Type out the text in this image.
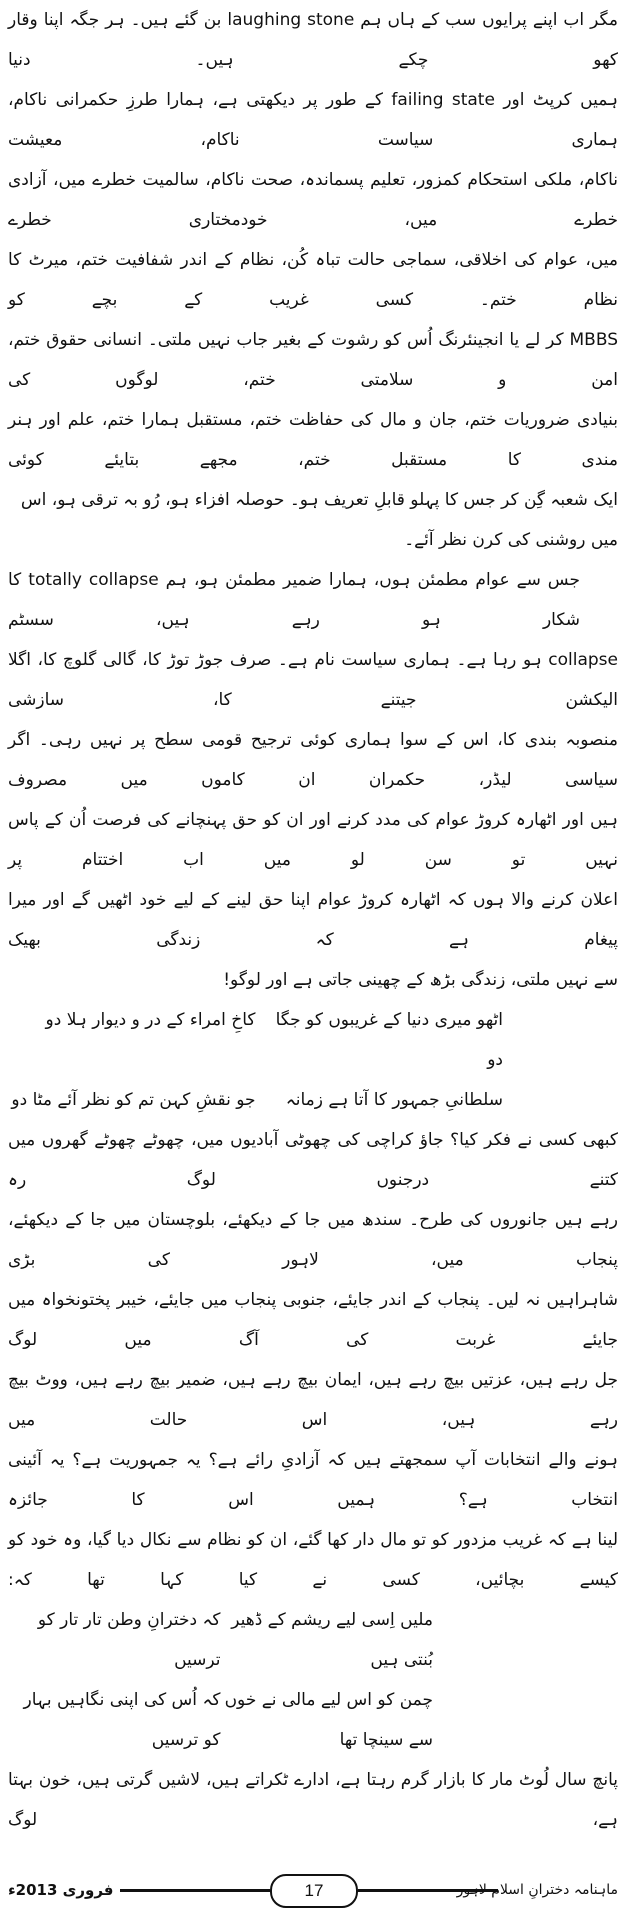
مگر اب اپنے پرایوں سب کے ہاں ہم laughing stone بن گئے ہیں۔ ہر جگہ اپنا وقار کھو چکے ہیں۔ دنیا
ہمیں کرپٹ اور failing state کے طور پر دیکھتی ہے، ہمارا طرزِ حکمرانی ناکام، ہماری سیاست ناکام، معیشت
ناکام، ملکی استحکام کمزور، تعلیم پسماندہ، صحت ناکام، سالمیت خطرے میں، آزادی خطرے میں، خودمختاری خطرے
میں، عوام کی اخلاقی، سماجی حالت تباہ کُن، نظام کے اندر شفافیت ختم، میرٹ کا نظام ختم۔ کسی غریب کے بچے کو
MBBS کر لے یا انجینئرنگ اُس کو رشوت کے بغیر جاب نہیں ملتی۔ انسانی حقوق ختم، امن و سلامتی ختم، لوگوں کی
بنیادی ضروریات ختم، جان و مال کی حفاظت ختم، مستقبل ہمارا ختم، علم اور ہنر مندی کا مستقبل ختم، مجھے بتایئے کوئی
ایک شعبہ گِن کر جس کا پہلو قابلِ تعریف ہو۔ حوصلہ افزاء ہو، رُو بہ ترقی ہو، اس میں روشنی کی کرن نظر آئے۔
جس سے عوام مطمئن ہوں، ہمارا ضمیر مطمئن ہو، ہم totally collapse کا شکار ہو رہے ہیں، سسٹم
collapse ہو رہا ہے۔ ہماری سیاست نام ہے۔ صرف جوڑ توڑ کا، گالی گلوچ کا، اگلا الیکشن جیتنے کا، سازشی
منصوبہ بندی کا، اس کے سوا ہماری کوئی ترجیح قومی سطح پر نہیں رہی۔ اگر سیاسی لیڈر، حکمران ان کاموں میں مصروف
ہیں اور اٹھارہ کروڑ عوام کی مدد کرنے اور ان کو حق پہنچانے کی فرصت اُن کے پاس نہیں تو سن لو میں اب اختتام پر
اعلان کرنے والا ہوں کہ اٹھارہ کروڑ عوام اپنا حق لینے کے لیے خود اٹھیں گے اور میرا پیغام ہے کہ زندگی بھیک
سے نہیں ملتی، زندگی بڑھ کے چھینی جاتی ہے اور لوگو!
اٹھو میری دنیا کے غریبوں کو جگا دو
کاخِ امراء کے در و دیوار ہلا دو
سلطانیِ جمہور کا آتا ہے زمانہ
جو نقشِ کہن تم کو نظر آئے مٹا دو
کبھی کسی نے فکر کیا؟ جاؤ کراچی کی چھوٹی آبادیوں میں، چھوٹے چھوٹے گھروں میں کتنے درجنوں لوگ رہ
رہے ہیں جانوروں کی طرح۔ سندھ میں جا کے دیکھئے، بلوچستان میں جا کے دیکھئے، پنجاب میں، لاہور کی بڑی
شاہراہیں نہ لیں۔ پنجاب کے اندر جایئے، جنوبی پنجاب میں جایئے، خیبر پختونخواہ میں جایئے غربت کی آگ میں لوگ
جل رہے ہیں، عزتیں بیچ رہے ہیں، ایمان بیچ رہے ہیں، ضمیر بیچ رہے ہیں، ووٹ بیچ رہے ہیں، اس حالت میں
ہونے والے انتخابات آپ سمجھتے ہیں کہ آزادیِ رائے ہے؟ یہ جمہوریت ہے؟ یہ آئینی انتخاب ہے؟ ہمیں اس کا جائزہ
لینا ہے کہ غریب مزدور کو تو مال دار کھا گئے، ان کو نظام سے نکال دیا گیا، وہ خود کو کیسے بچائیں، کسی نے کیا کہا تھا کہ:
ملیں اِسی لیے ریشم کے ڈھیر بُنتی ہیں
کہ دخترانِ وطن تار تار کو ترسیں
چمن کو اس لیے مالی نے خوں سے سینچا تھا
کہ اُس کی اپنی نگاہیں بہار کو ترسیں
پانچ سال لُوٹ مار کا بازار گرم رہتا ہے، ادارے ٹکراتے ہیں، لاشیں گرتی ہیں، خون بہتا ہے، لوگ
17	ماہنامہ دخترانِ اسلام لاہور
فروری 2013ء
